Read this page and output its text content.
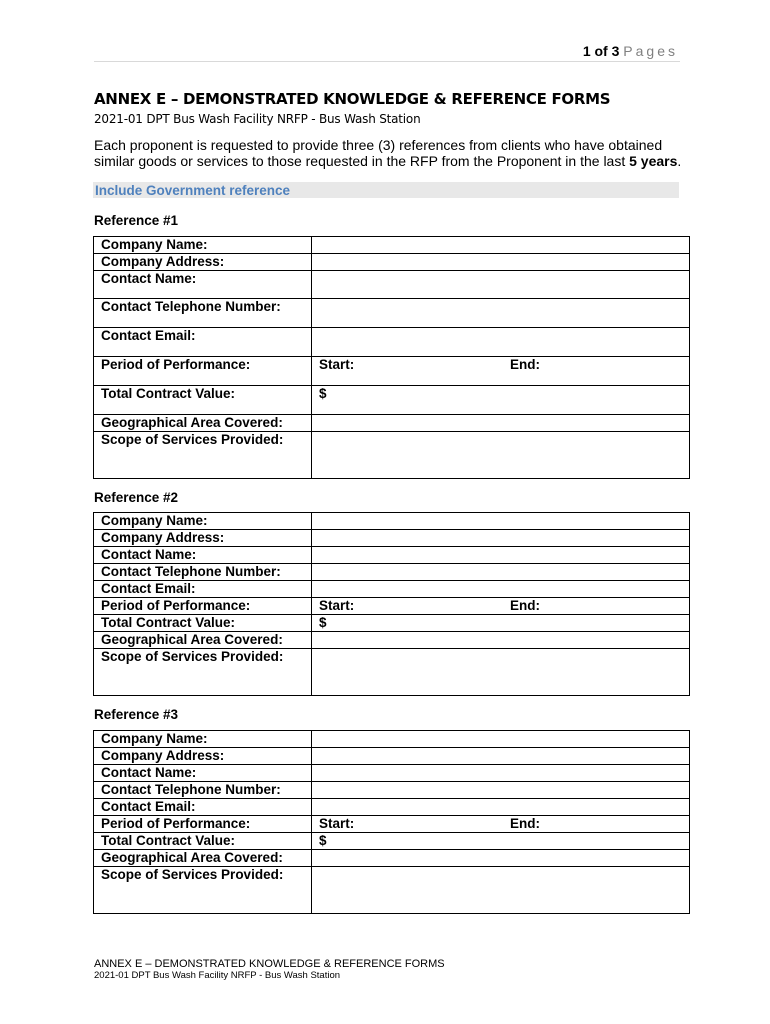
1 of 3 Pages
ANNEX E – DEMONSTRATED KNOWLEDGE & REFERENCE FORMS
2021-01 DPT Bus Wash Facility NRFP - Bus Wash Station
Each proponent is requested to provide three (3) references from clients who have obtained similar goods or services to those requested in the RFP from the Proponent in the last 5 years.
Include Government reference
Reference #1
Company Name:	
Company Address:	
Contact Name:	
Contact Telephone Number:	
Contact Email:	
Period of Performance:	Start: End:

Total Contract Value:	$
Geographical Area Covered:	
Scope of Services Provided:	
Reference #2
Company Name:	
Company Address:	
Contact Name:	
Contact Telephone Number:	
Contact Email:	
Period of Performance:	Start: End:

Total Contract Value:	$
Geographical Area Covered:	
Scope of Services Provided:	
Reference #3
Company Name:	
Company Address:	
Contact Name:	
Contact Telephone Number:	
Contact Email:	
Period of Performance:	Start: End:

Total Contract Value:	$
Geographical Area Covered:	
Scope of Services Provided:	
ANNEX E – DEMONSTRATED KNOWLEDGE & REFERENCE FORMS
2021-01 DPT Bus Wash Facility NRFP - Bus Wash Station
